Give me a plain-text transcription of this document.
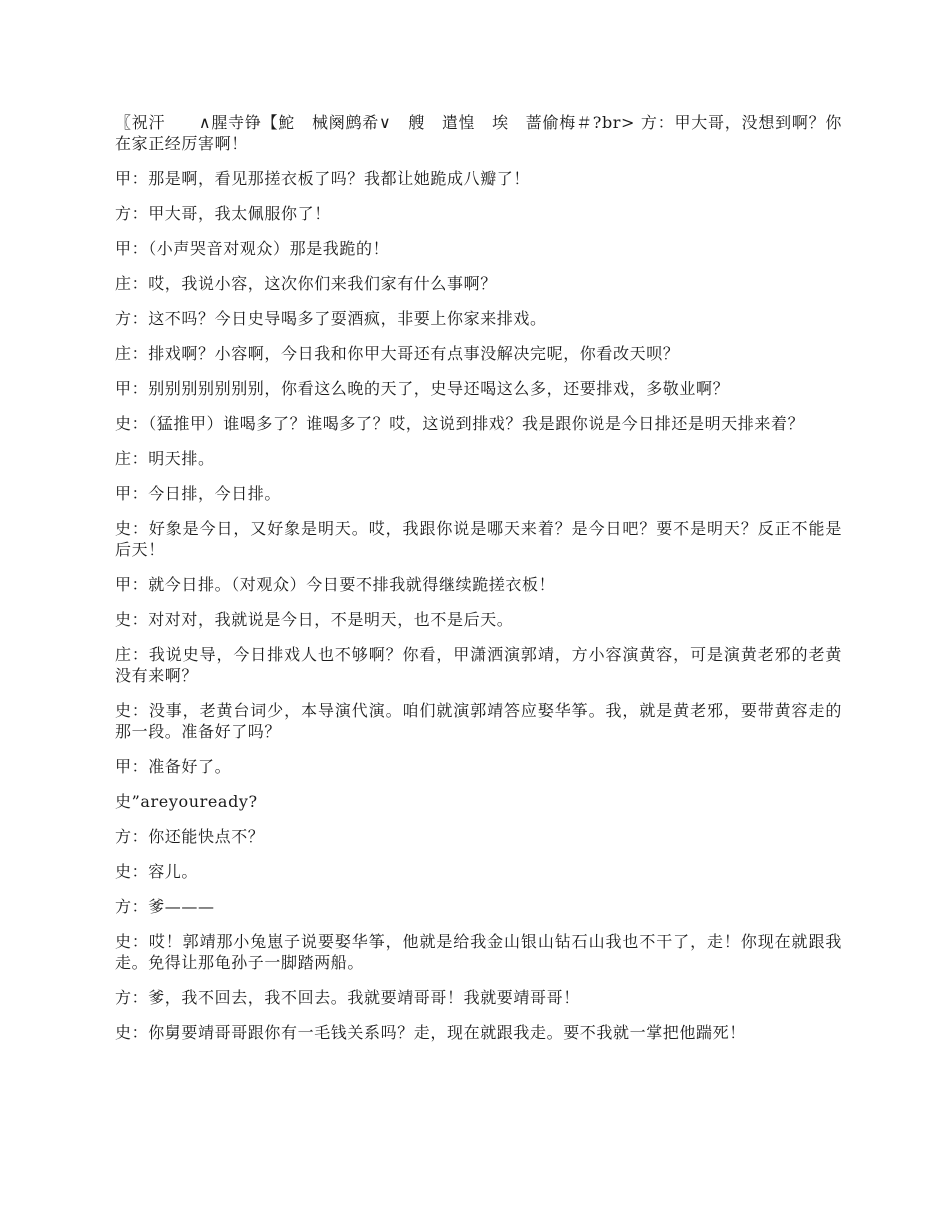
〖祝汗　　∧腥寺铮【鮀　械阕鹧希∨　艘　遣惶　埃　蔷偷梅＃?br> 方：甲大哥，没想到啊？你在家正经厉害啊！

甲：那是啊，看见那搓衣板了吗？我都让她跪成八瓣了！

方：甲大哥，我太佩服你了！

甲：（小声哭音对观众）那是我跪的！

庄：哎，我说小容，这次你们来我们家有什么事啊？

方：这不吗？今日史导喝多了耍酒疯，非要上你家来排戏。

庄：排戏啊？小容啊，今日我和你甲大哥还有点事没解决完呢，你看改天呗？

甲：别别别别别别别，你看这么晚的天了，史导还喝这么多，还要排戏，多敬业啊？

史：（猛推甲）谁喝多了？谁喝多了？哎，这说到排戏？我是跟你说是今日排还是明天排来着？

庄：明天排。

甲：今日排，今日排。

史：好象是今日，又好象是明天。哎，我跟你说是哪天来着？是今日吧？要不是明天？反正不能是后天！

甲：就今日排。（对观众）今日要不排我就得继续跪搓衣板！

史：对对对，我就说是今日，不是明天，也不是后天。

庄：我说史导，今日排戏人也不够啊？你看，甲潇洒演郭靖，方小容演黄容，可是演黄老邪的老黄没有来啊？

史：没事，老黄台词少，本导演代演。咱们就演郭靖答应娶华筝。我，就是黄老邪，要带黄容走的那一段。准备好了吗？

甲：准备好了。

史”areyouready?

方：你还能快点不？

史：容儿。

方：爹———

史：哎！郭靖那小兔崽子说要娶华筝，他就是给我金山银山钻石山我也不干了，走！你现在就跟我走。免得让那龟孙子一脚踏两船。

方：爹，我不回去，我不回去。我就要靖哥哥！我就要靖哥哥！

史：你舅要靖哥哥跟你有一毛钱关系吗？走，现在就跟我走。要不我就一掌把他踹死！
